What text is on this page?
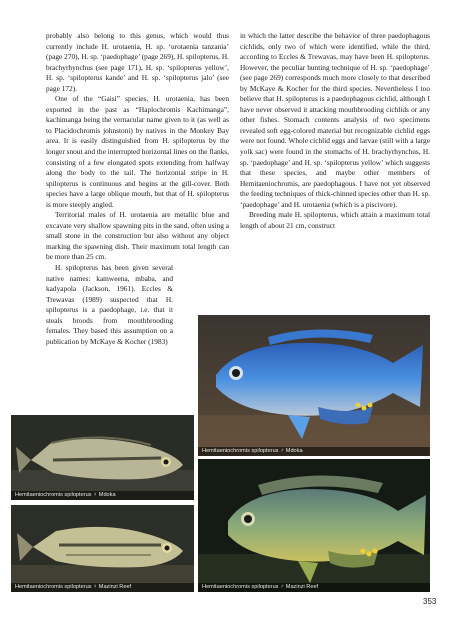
probably also belong to this genus, which would thus currently include H. urotaenia, H. sp. ‘urotaenia tanzania’ (page 270), H. sp. ‘paedophage’ (page 269), H. spilopterus, H. brachyrhynchus (see page 171), H. sp. ‘spilopterus yellow’, H. sp. ‘spilopterus kande’ and H. sp. ‘spilopterus jalo’ (see page 172).

One of the “Gaisi” species, H. urotaenia, has been exported in the past as “Haplochromis Kachimanga”, kachimanga being the vernacular name given to it (as well as to Placidochromis johnstoni) by natives in the Monkey Bay area. It is easily distinguished from H. spilopterus by the longer snout and the interrupted horizontal lines on the flanks, consisting of a few elongated spots extending from halfway along the body to the tail. The horizontal stripe in H. spilopterus is continuous and begins at the gill-cover. Both species have a large oblique mouth, but that of H. spilopterus is more steeply angled.

Territorial males of H. urotaenia are metallic blue and excavate very shallow spawning pits in the sand, often using a small stone in the construction but also without any object marking the spawning dish. Their maximum total length can be more than 25 cm.

H. spilopterus has been given several native names: kamweena, mbaba, and kadyapola (Jackson, 1961). Eccles & Trewavas (1989) suspected that H. spilopterus is a paedophage, i.e. that it steals broods from mouthbrooding females. They based this assumption on a publication by McKaye & Kocher (1983)

in which the latter describe the behavior of three paedophagous cichlids, only two of which were identified, while the third, according to Eccles & Trewavas, may have been H. spilopterus. However, the peculiar hunting technique of H. sp. ‘paedophage’ (see page 269) corresponds much more closely to that described by McKaye & Kocher for the third species. Nevertheless I too believe that H. spilopterus is a paedophagous cichlid, although I have never observed it attacking mouthbrooding cichlids or any other fishes. Stomach contents analysis of two specimens revealed soft egg-colored material but recognizable cichlid eggs were not found. Whole cichlid eggs and larvae (still with a large yolk sac) were found in the stomachs of H. brachyrhynchus, H. sp. ‘paedophage’ and H. sp. ‘spilopterus yellow’ which suggests that these species, and maybe other members of Hemitaeniochromis, are paedophagous. I have not yet observed the feeding techniques of thick-chinned species other than H. sp. ‘paedophage’ and H. urotaenia (which is a piscivore).

Breeding male H. spilopterus, which attain a maximum total length of about 21 cm, construct

Hemitaeniochromis spilopterus ♂ Mdoka
Hemitaeniochromis spilopterus ♀ Mdoka
Hemitaeniochromis spilopterus ♀ Mazinzi Reef	Hemitaeniochromis spilopterus ♂ Mazinzi Reef
353
